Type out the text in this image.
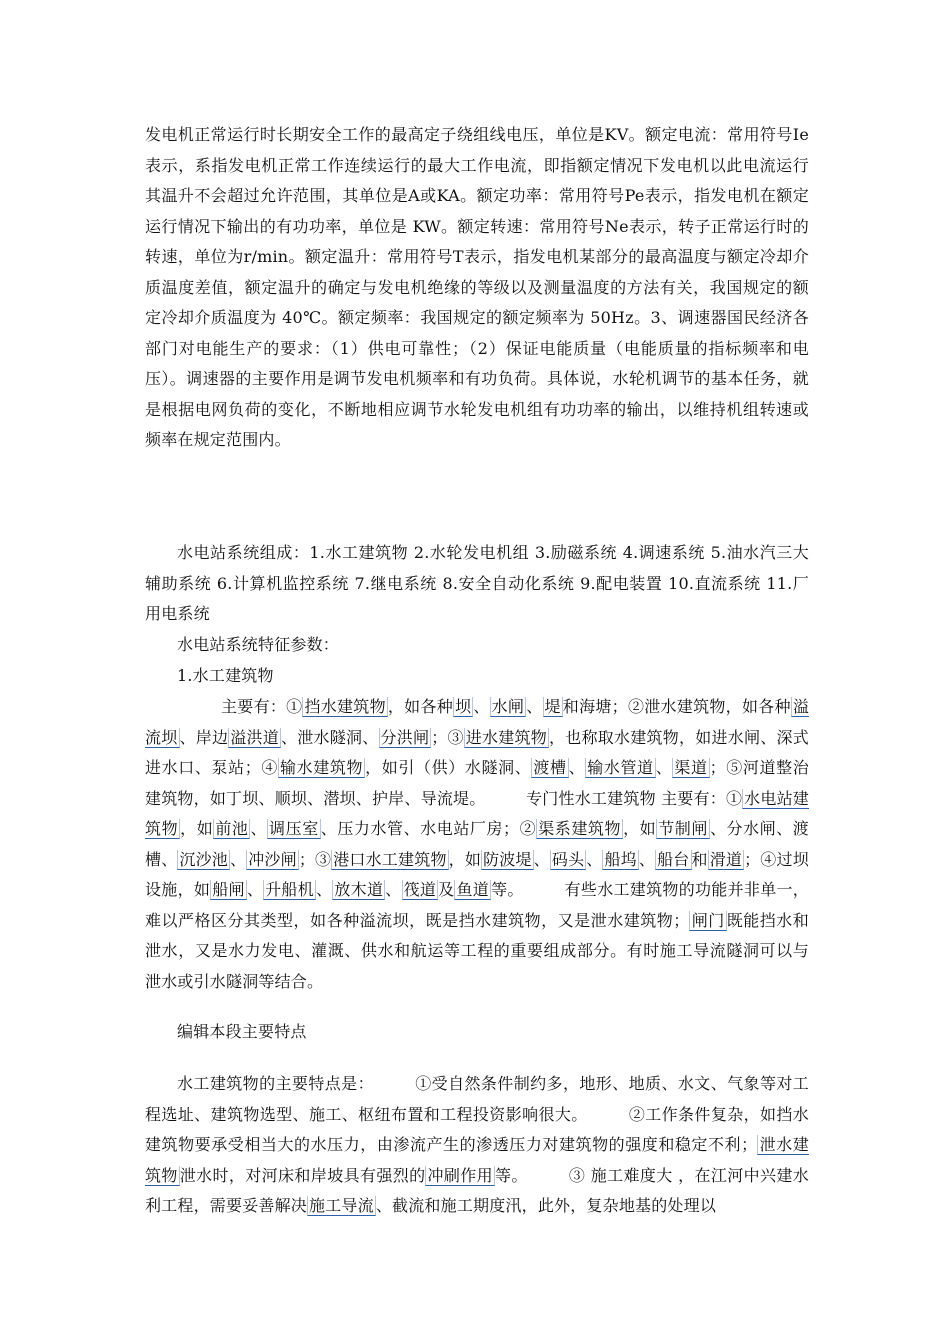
发电机正常运行时长期安全工作的最高定子绕组线电压，单位是KV。额定电流：常用符号Ie表示，系指发电机正常工作连续运行的最大工作电流，即指额定情况下发电机以此电流运行其温升不会超过允许范围，其单位是A或KA。额定功率：常用符号Pe表示，指发电机在额定运行情况下输出的有功功率，单位是 KW。额定转速：常用符号Ne表示，转子正常运行时的转速，单位为r/min。额定温升：常用符号T表示，指发电机某部分的最高温度与额定冷却介质温度差值，额定温升的确定与发电机绝缘的等级以及测量温度的方法有关，我国规定的额定冷却介质温度为 40℃。额定频率：我国规定的额定频率为 50Hz。3、调速器国民经济各部门对电能生产的要求：（1）供电可靠性；（2）保证电能质量（电能质量的指标频率和电压）。调速器的主要作用是调节发电机频率和有功负荷。具体说，水轮机调节的基本任务，就是根据电网负荷的变化，不断地相应调节水轮发电机组有功功率的输出，以维持机组转速或频率在规定范围内。

水电站系统组成：1.水工建筑物 2.水轮发电机组 3.励磁系统 4.调速系统 5.油水汽三大辅助系统 6.计算机监控系统 7.继电系统 8.安全自动化系统 9.配电装置 10.直流系统 11.厂用电系统

水电站系统特征参数：

1.水工建筑物

主要有：① 挡水建筑物 ，如各种 坝 、 水闸 、 堤 和海塘；②泄水建筑物，如各种 溢流坝 、岸边 溢洪道 、泄水隧洞、 分洪闸 ；③ 进水建筑物 ，也称取水建筑物，如进水闸、深式进水口、泵站；④ 输水建筑物 ，如引（供）水隧洞、 渡槽 、 输水管道 、 渠道 ；⑤河道整治建筑物，如丁坝、顺坝、潜坝、护岸、导流堤。　　　专门性水工建筑物 主要有：① 水电站建筑物 ，如 前池 、 调压室 、压力水管、水电站厂房；② 渠系建筑物 ，如 节制闸 、分水闸、渡槽、 沉沙池 、 冲沙闸 ；③ 港口水工建筑物 ，如 防波堤 、 码头 、 船坞 、 船台 和 滑道 ；④过坝设施，如 船闸 、 升船机 、 放木道 、 筏道 及 鱼道 等。　　　有些水工建筑物的功能并非单一，难以严格区分其类型，如各种溢流坝，既是挡水建筑物，又是泄水建筑物； 闸门 既能挡水和泄水，又是水力发电、灌溉、供水和航运等工程的重要组成部分。有时施工导流隧洞可以与泄水或引水隧洞等结合。

编辑本段主要特点

水工建筑物的主要特点是：　　　①受自然条件制约多，地形、地质、水文、气象等对工程选址、建筑物选型、施工、枢纽布置和工程投资影响很大。　　　②工作条件复杂，如挡水建筑物要承受相当大的水压力，由渗流产生的渗透压力对建筑物的强度和稳定不利； 泄水建筑物 泄水时，对河床和岸坡具有强烈的 冲刷作用 等。　　　③ 施工难度大 ，在江河中兴建水利工程，需要妥善解决 施工导流 、截流和施工期度汛，此外，复杂地基的处理以
